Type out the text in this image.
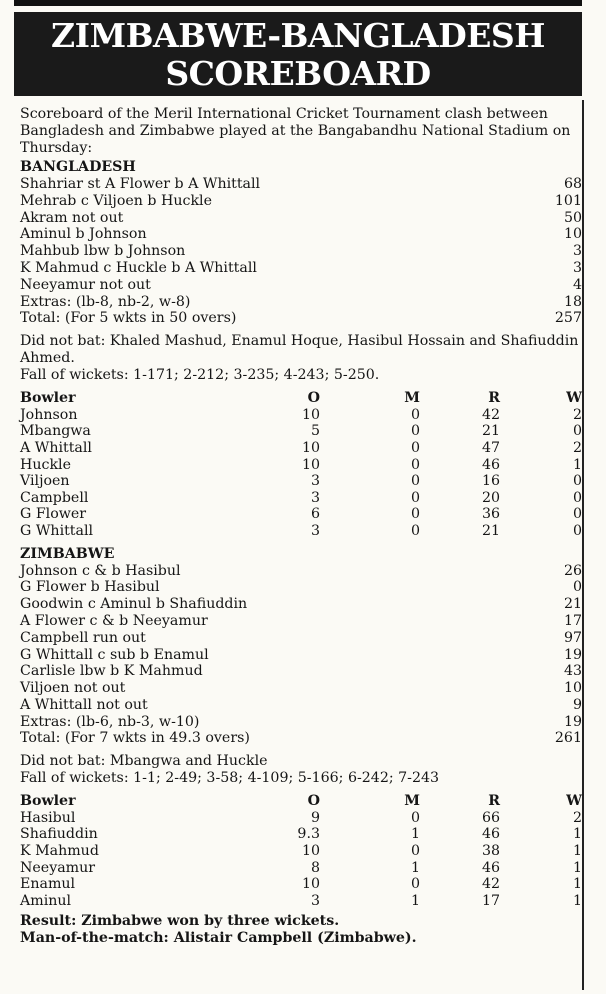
ZIMBABWE-BANGLADESH
SCOREBOARD
Scoreboard of the Meril International Cricket Tournament clash between Bangladesh and Zimbabwe played at the Bangabandhu National Stadium on Thursday:
BANGLADESH
Shahriar st A Flower b A Whittall	68
Mehrab c Viljoen b Huckle	101
Akram not out	50
Aminul b Johnson	10
Mahbub lbw b Johnson	3
K Mahmud c Huckle b A Whittall	3
Neeyamur not out	4
Extras: (lb-8, nb-2, w-8)	18
Total: (For 5 wkts in 50 overs)	257
Did not bat: Khaled Mashud, Enamul Hoque, Hasibul Hossain and Shafiuddin Ahmed.
Fall of wickets: 1-171; 2-212; 3-235; 4-243; 5-250.
Bowler	O	M	R	W
Johnson	10	0	42	2
Mbangwa	5	0	21	0
A Whittall	10	0	47	2
Huckle	10	0	46	1
Viljoen	3	0	16	0
Campbell	3	0	20	0
G Flower	6	0	36	0
G Whittall	3	0	21	0
ZIMBABWE
Johnson c & b Hasibul	26
G Flower b Hasibul	0
Goodwin c Aminul b Shafiuddin	21
A Flower c & b Neeyamur	17
Campbell run out	97
G Whittall c sub b Enamul	19
Carlisle lbw b K Mahmud	43
Viljoen not out	10
A Whittall not out	9
Extras: (lb-6, nb-3, w-10)	19
Total: (For 7 wkts in 49.3 overs)	261
Did not bat: Mbangwa and Huckle
Fall of wickets: 1-1; 2-49; 3-58; 4-109; 5-166; 6-242; 7-243
Bowler	O	M	R	W
Hasibul	9	0	66	2
Shafiuddin	9.3	1	46	1
K Mahmud	10	0	38	1
Neeyamur	8	1	46	1
Enamul	10	0	42	1
Aminul	3	1	17	1
Result: Zimbabwe won by three wickets.
Man-of-the-match: Alistair Campbell (Zimbabwe).
